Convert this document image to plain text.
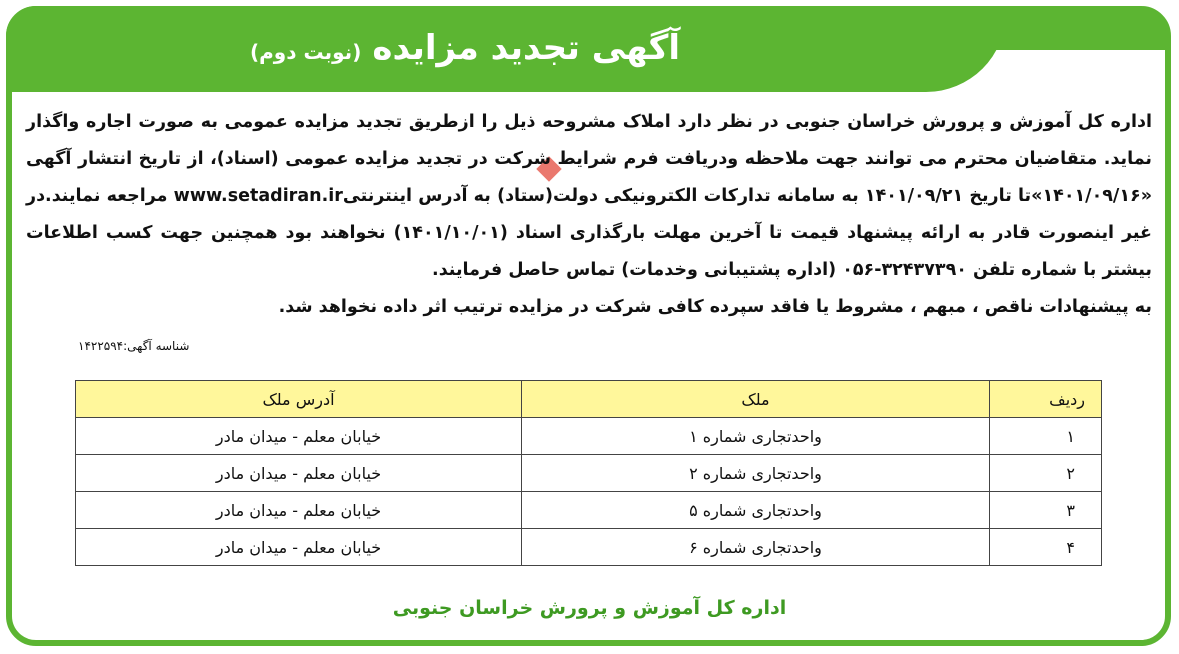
آگهی تجدید مزایده (نوبت دوم)

اداره کل آموزش و پرورش خراسان جنوبی در نظر دارد املاک مشروحه ذیل را ازطریق تجدید مزایده عمومی به صورت اجاره واگذار نماید. متقاضیان محترم می توانند جهت ملاحظه ودریافت فرم شرایط شرکت در تجدید مزایده عمومی (اسناد)، از تاریخ انتشار آگهی «۱۴۰۱/۰۹/۱۶»تا تاریخ ۱۴۰۱/۰۹/۲۱ به سامانه تدارکات الکترونیکی دولت(ستاد) به آدرس اینترنتیwww.setadiran.ir مراجعه نمایند.در غیر اینصورت قادر به ارائه پیشنهاد قیمت تا آخرین مهلت بارگذاری اسناد (۱۴۰۱/۱۰/۰۱) نخواهند بود همچنین جهت کسب اطلاعات بیشتر با شماره تلفن ۳۲۴۳۷۳۹۰-۰۵۶ (اداره پشتیبانی وخدمات) تماس حاصل فرمایند.

به پیشنهادات ناقص ، مبهم ، مشروط یا فاقد سپرده کافی شرکت در مزایده ترتیب اثر داده نخواهد شد.

شناسه آگهی:۱۴۲۲۵۹۴
ردیف	ملک	آدرس ملک
۱	واحدتجاری شماره ۱	خیابان معلم - میدان مادر
۲	واحدتجاری شماره ۲	خیابان معلم - میدان مادر
۳	واحدتجاری شماره ۵	خیابان معلم - میدان مادر
۴	واحدتجاری شماره ۶	خیابان معلم - میدان مادر
اداره کل آموزش و پرورش خراسان جنوبی
